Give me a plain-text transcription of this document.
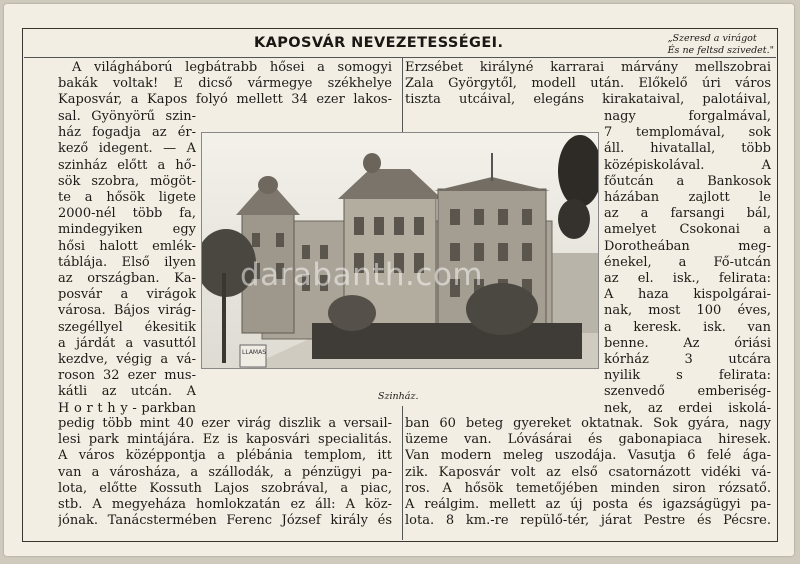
KAPOSVÁR NEVEZETESSÉGEI.	„Szeresd a virágot
És ne feltsd szivedet."
A világháború legbátrabb hősei a somogyi
bakák voltak! E dicső vármegye székhelye
Kaposvár, a Kapos folyó mellett 34 ezer lakos-
sal. Gyönyörű szin-
ház fogadja az ér-
kező idegent. — A
szinház előtt a hő-
sök szobra, mögöt-
te a hősök ligete
2000-nél több fa,
mindegyiken egy
hősi halott emlék-
táblája. Első ilyen
az országban. Ka-
posvár a virágok
városa. Bájos virág-
szegéllyel ékesitik
a járdát a vasuttól
kezdve, végig a vá-
roson 32 ezer mus-
kátli az utcán. A
H o r t h y - parkban
pedig több mint 40 ezer virág diszlik a versail-
lesi park mintájára. Ez is kaposvári specialitás.
A város középpontja a plébánia templom, itt
van a városháza, a szállodák, a pénzügyi pa-
lota, előtte Kossuth Lajos szobrával, a piac,
stb. A megyeháza homlokzatán ez áll: A köz-
jónak. Tanácstermében Ferenc József király és
Erzsébet királyné karrarai márvány mellszobrai
Zala Györgytől, modell után. Előkelő úri város
tiszta utcáival, elegáns kirakataival, palotáival,
nagy forgalmával,
7 templomával, sok
áll. hivatallal, több
középiskolával. A
főutcán a Bankosok
házában zajlott le
az a farsangi bál,
amelyet Csokonai a
Dorotheában meg-
énekel, a Fő-utcán
az el. isk., felirata:
A haza kispolgárai-
nak, most 100 éves,
a keresk. isk. van
benne. Az óriási
kórház 3 utcára
nyilik s felirata:
szenvedő emberiség-
nek, az erdei iskolá-
ban 60 beteg gyereket oktatnak. Sok gyára, nagy
üzeme van. Lóvásárai és gabonapiaca hiresek.
Van modern meleg uszodája. Vasutja 6 felé ága-
zik. Kaposvár volt az első csatornázott vidéki vá-
ros. A hősök temetőjében minden siron rózsatő.
A reálgim. mellett az új posta és igazságügyi pa-
lota. 8 km.-re repülő-tér, járat Pestre és Pécsre.
LLAMAS
Szinház.
darabanth.com
